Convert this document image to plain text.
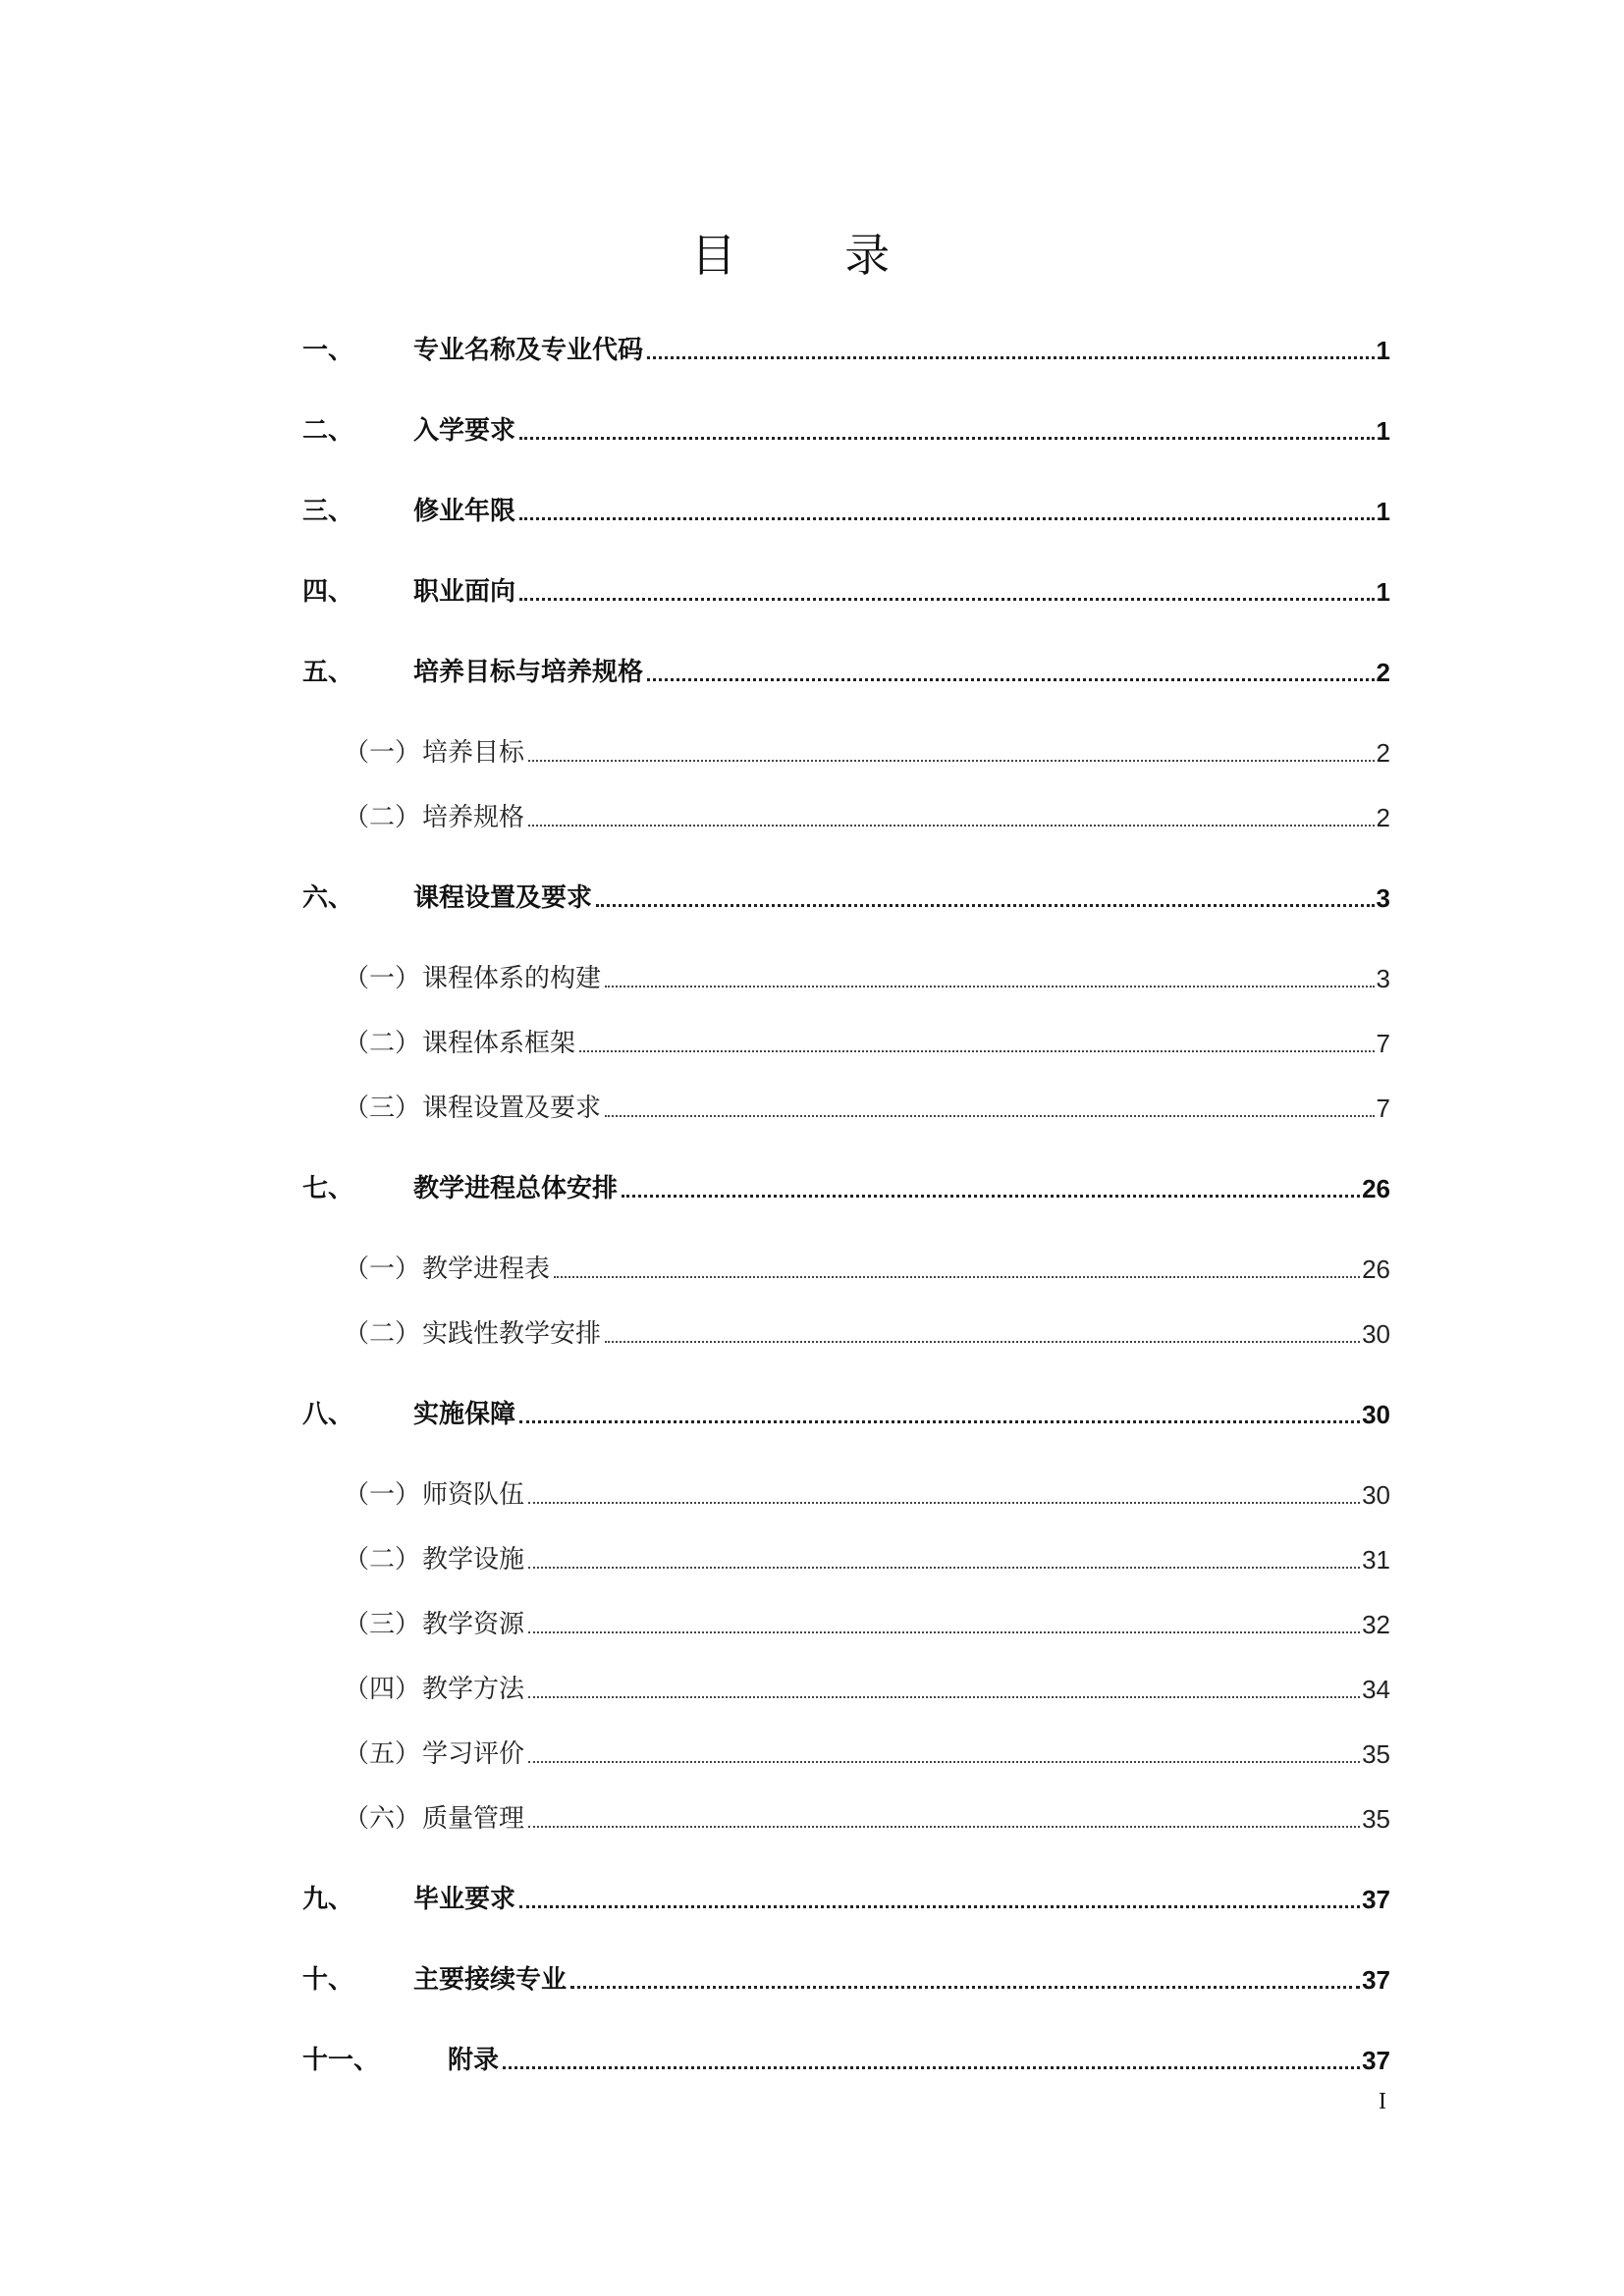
目 录
一、	专业名称及专业代码	1
二、	入学要求	1
三、	修业年限	1
四、	职业面向	1
五、	培养目标与培养规格	2
（一） 培养目标	2
（二） 培养规格	2
六、	课程设置及要求	3
（一） 课程体系的构建	3
（二） 课程体系框架	7
（三） 课程设置及要求	7
七、	教学进程总体安排	26
（一） 教学进程表	26
（二） 实践性教学安排	30
八、	实施保障	30
（一） 师资队伍	30
（二） 教学设施	31
（三） 教学资源	32
（四） 教学方法	34
（五） 学习评价	35
（六） 质量管理	35
九、	毕业要求	37
十、	主要接续专业	37
十一、	附录	37
I
